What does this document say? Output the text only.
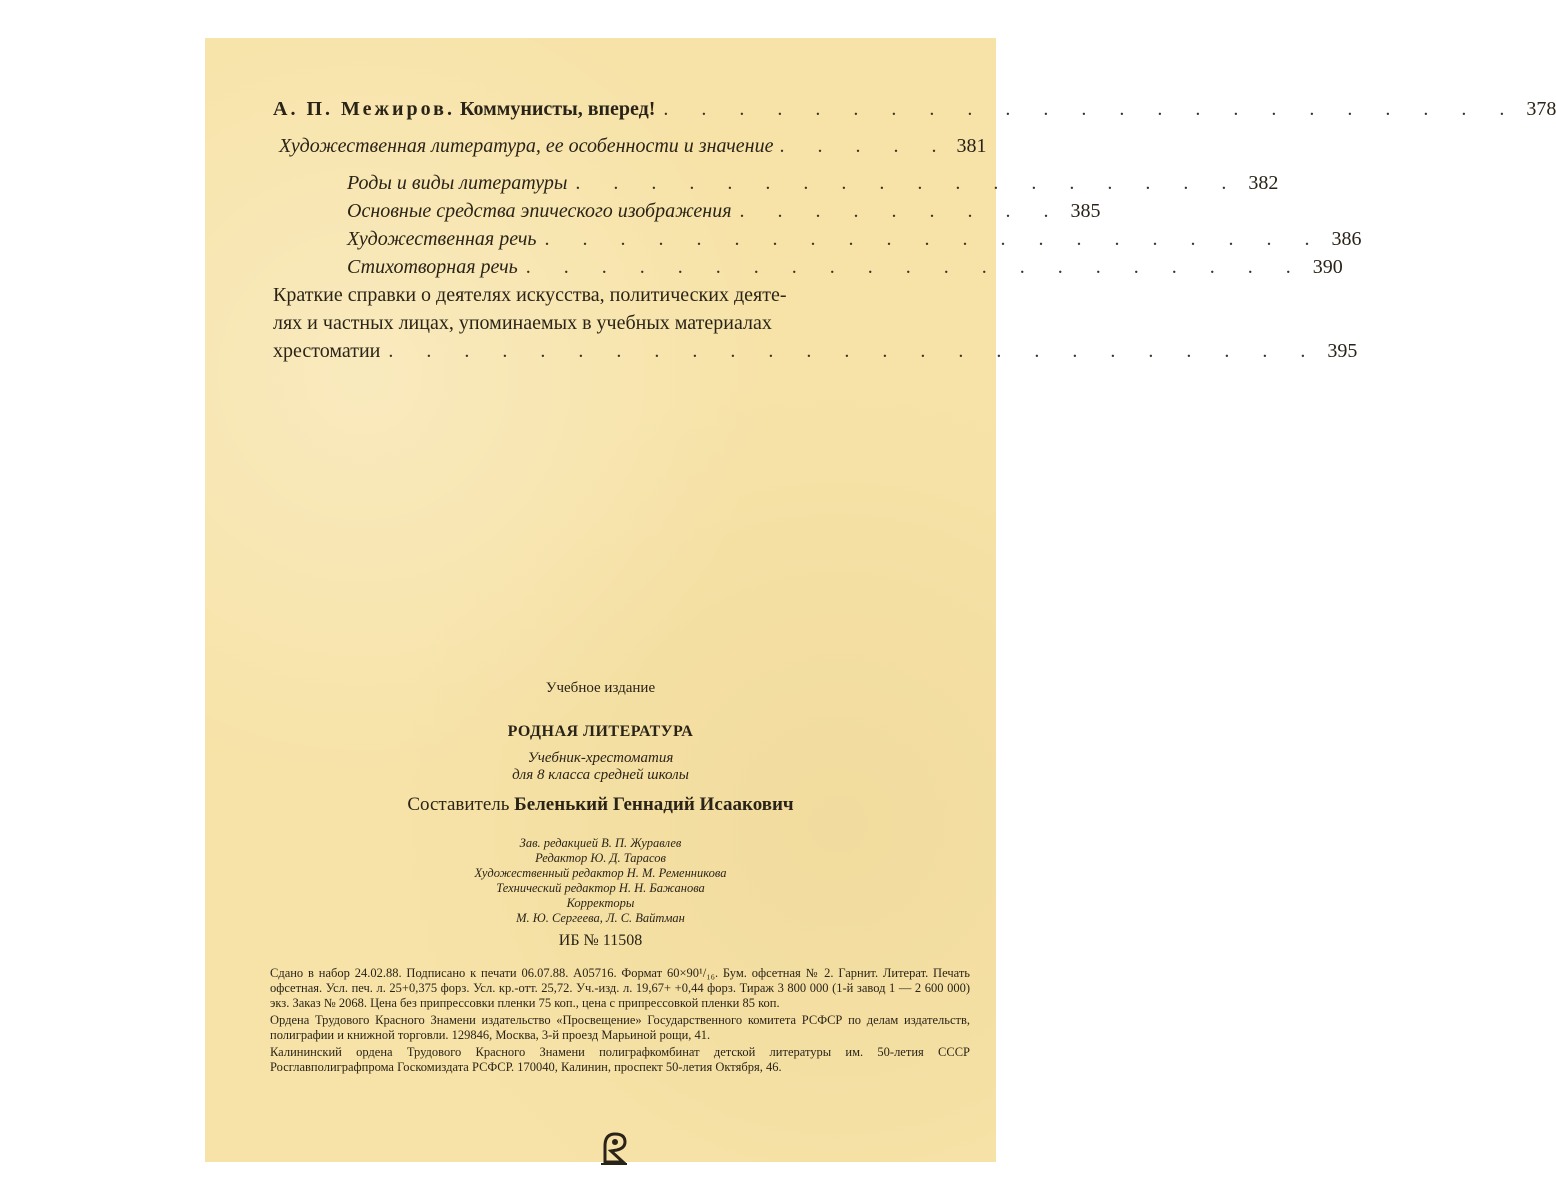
А. П. Межиров. Коммунисты, вперед! . . . . . . . . . . . . . . . . . . . . . . . 378
Художественная литература, ее особенности и значение . . . . . 381
Роды и виды литературы . . . . . . . . . . . . . . . . . . 382
Основные средства эпического изображения . . . . . . . . . 385
Художественная речь . . . . . . . . . . . . . . . . . . . . . 386
Стихотворная речь . . . . . . . . . . . . . . . . . . . . . 390
Краткие справки о деятелях искусства, политических деяте-
лях и частных лицах, упоминаемых в учебных материалах
хрестоматии . . . . . . . . . . . . . . . . . . . . . . . . . 395
Учебное издание
РОДНАЯ ЛИТЕРАТУРА
Учебник-хрестоматия
для 8 класса средней школы
Составитель Беленький Геннадий Исаакович
Зав. редакцией В. П. Журавлев
Редактор Ю. Д. Тарасов
Художественный редактор Н. М. Ременникова
Технический редактор Н. Н. Бажанова
Корректоры
М. Ю. Сергеева, Л. С. Вайтман
ИБ № 11508

Сдано в набор 24.02.88. Подписано к печати 06.07.88. А05716. Формат 60×90¹/₁₆. Бум. офсетная № 2. Гарнит. Литерат. Печать офсетная. Усл. печ. л. 25+0,375 форз. Усл. кр.-отт. 25,72. Уч.-изд. л. 19,67+ +0,44 форз. Тираж 3 800 000 (1-й завод 1 — 2 600 000) экз. Заказ № 2068. Цена без припрессовки пленки 75 коп., цена с припрессовкой пленки 85 коп.

Ордена Трудового Красного Знамени издательство «Просвещение» Государственного комитета РСФСР по делам издательств, полиграфии и книжной торговли. 129846, Москва, 3-й проезд Марьиной рощи, 41.

Калининский ордена Трудового Красного Знамени полиграфкомбинат детской литературы им. 50-летия СССР Росглавполиграфпрома Госкомиздата РСФСР. 170040, Калинин, проспект 50-летия Октября, 46.
